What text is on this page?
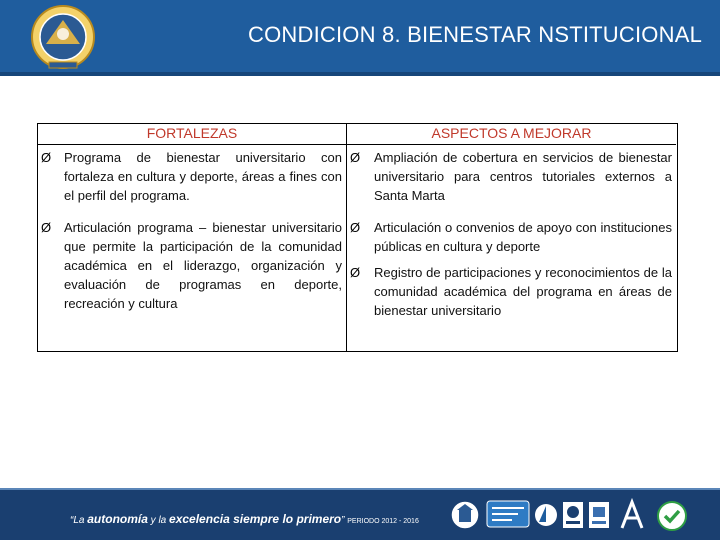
CONDICION 8. BIENESTAR NSTITUCIONAL
FORTALEZAS
Ø Programa de bienestar universitario con fortaleza en cultura y deporte, áreas a fines con el perfil del programa.
Ø Articulación programa – bienestar universitario que permite la participación de la comunidad académica en el liderazgo, organización y evaluación de programas en deporte, recreación y cultura
ASPECTOS A MEJORAR
Ø Ampliación de cobertura en servicios de bienestar universitario para centros tutoriales externos a Santa Marta
Ø Articulación o convenios de apoyo con instituciones públicas en cultura y deporte
Ø Registro de participaciones y reconocimientos de la comunidad académica del programa en áreas de bienestar universitario
“La autonomía y la excelencia siempre lo primero” PERIODO 2012 - 2016
